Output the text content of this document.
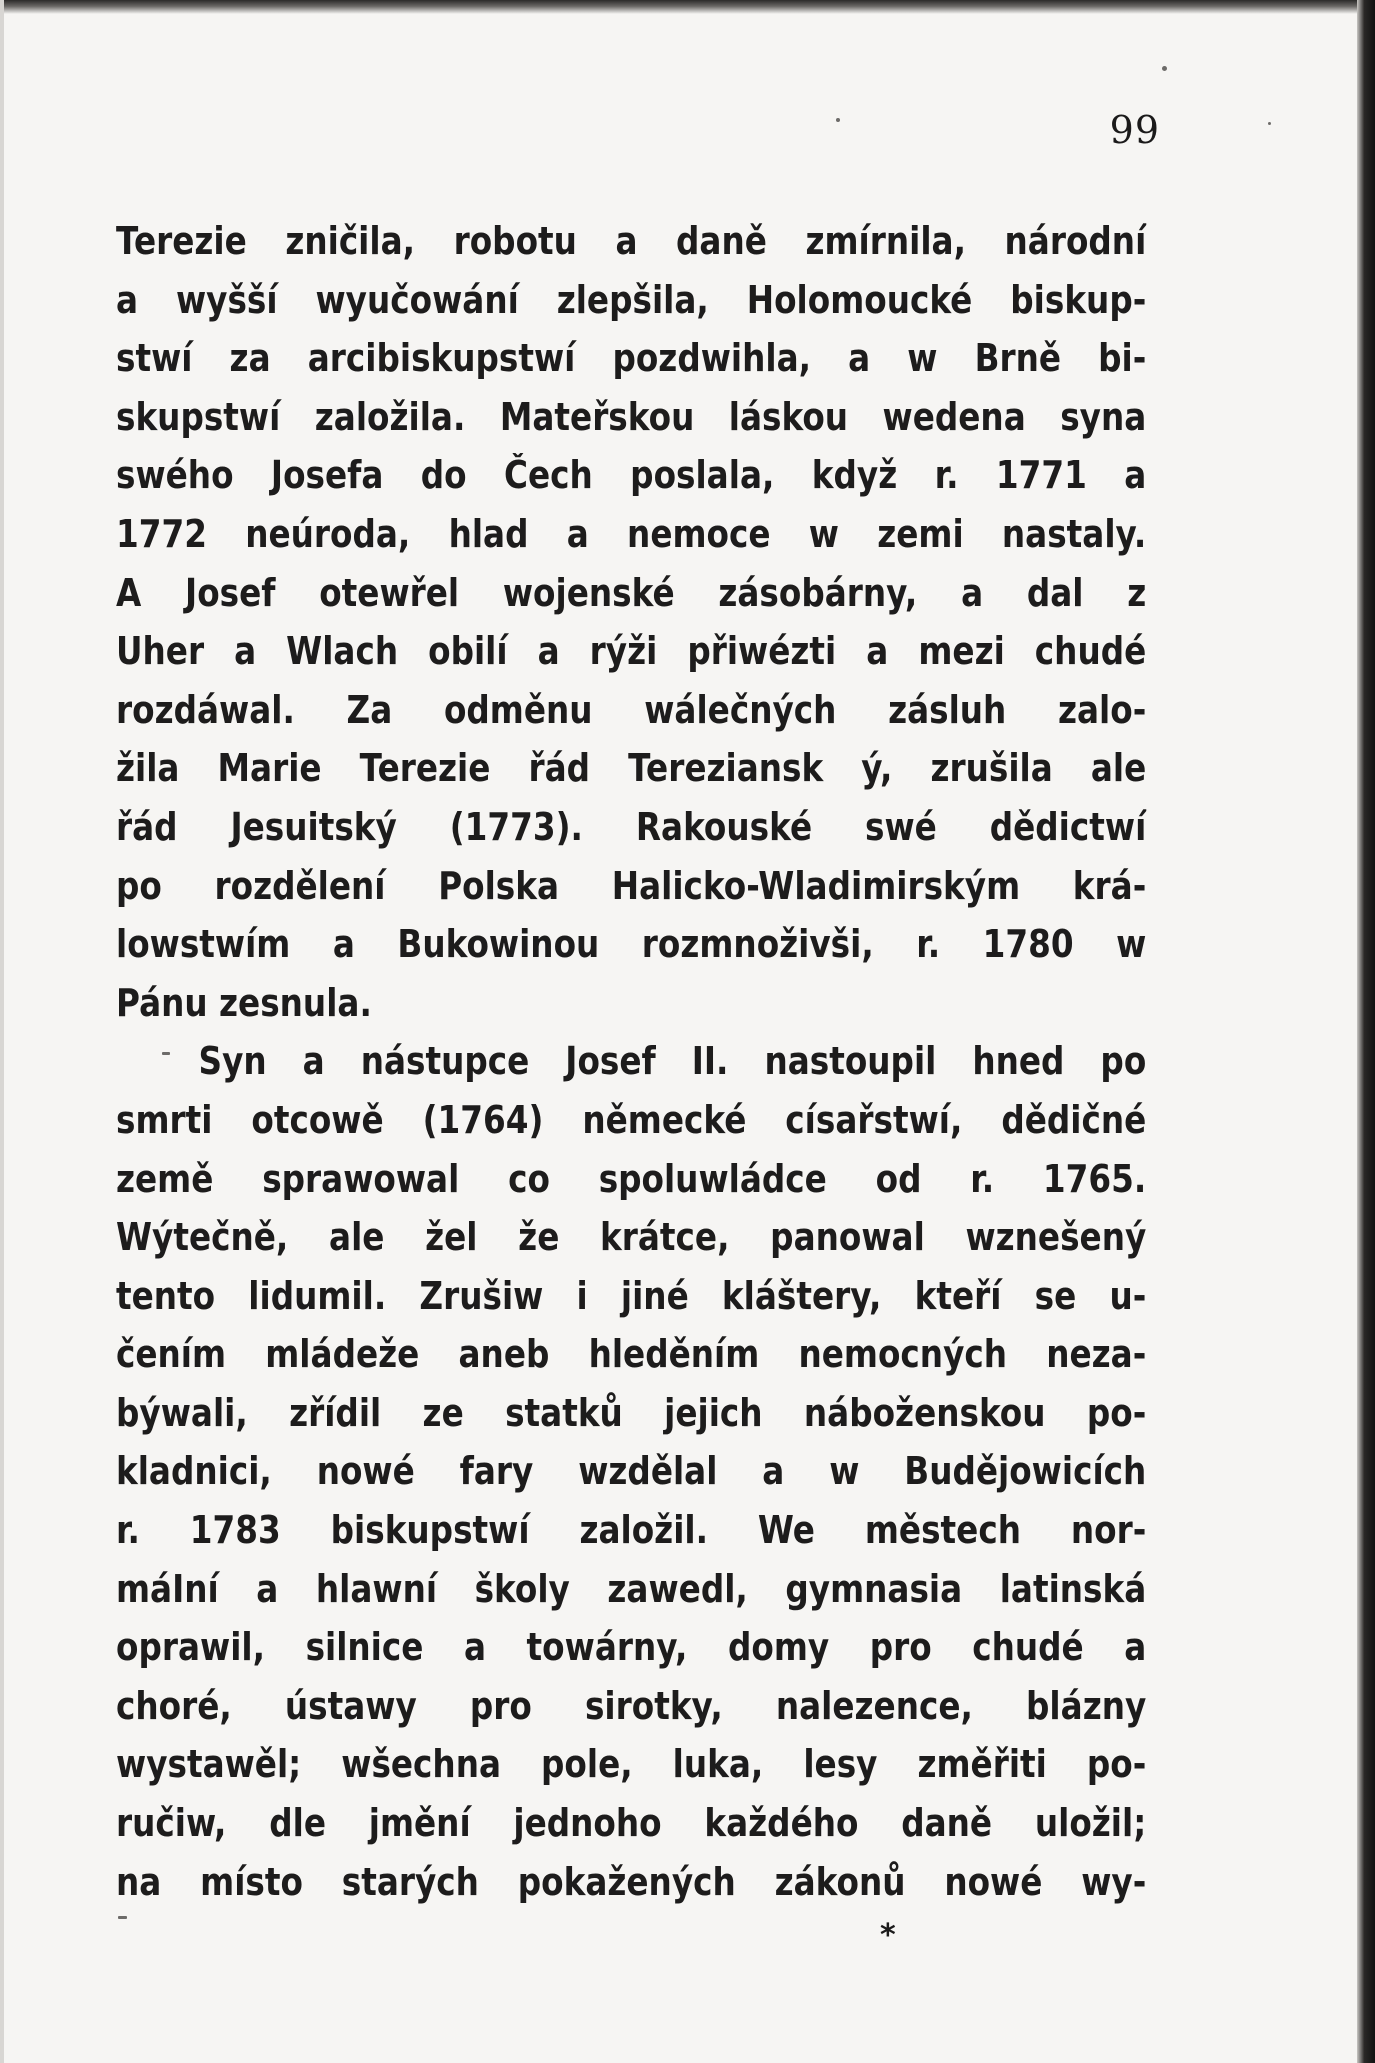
99
Terezie zničila, robotu a daně zmírnila, národní
a wyšší wyučowání zlepšila, Holomoucké biskup-
stwí za arcibiskupstwí pozdwihla, a w Brně bi-
skupstwí založila. Mateřskou láskou wedena syna
swého Josefa do Čech poslala, když r. 1771 a
1772 neúroda, hlad a nemoce w zemi nastaly.
A Josef otewřel wojenské zásobárny, a dal z
Uher a Wlach obilí a rýži přiwézti a mezi chudé
rozdáwal. Za odměnu wálečných zásluh zalo-
žila Marie Terezie řád Tereziansk ý, zrušila ale
řád Jesuitský (1773). Rakouské swé dědictwí
po rozdělení Polska Halicko-Wladimirským krá-
lowstwím a Bukowinou rozmnoživši, r. 1780 w
Pánu zesnula.
Syn a nástupce Josef II. nastoupil hned po
smrti otcowě (1764) německé císařstwí, dědičné
země sprawowal co spoluwládce od r. 1765.
Wýtečně, ale žel že krátce, panowal wznešený
tento lidumil. Zrušiw i jiné kláštery, kteří se u-
čením mládeže aneb hleděním nemocných neza-
býwali, zřídil ze statků jejich náboženskou po-
kladnici, nowé fary wzdělal a w Budějowicích
r. 1783 biskupstwí založil. We městech nor-
máIní a hlawní školy zawedl, gymnasia latinská
oprawil, silnice a towárny, domy pro chudé a
choré, ústawy pro sirotky, nalezence, blázny
wystawěl; wšechna pole, luka, lesy změřiti po-
ručiw, dle jmění jednoho každého daně uložil;
na místo starých pokažených zákonů nowé wy-
*
